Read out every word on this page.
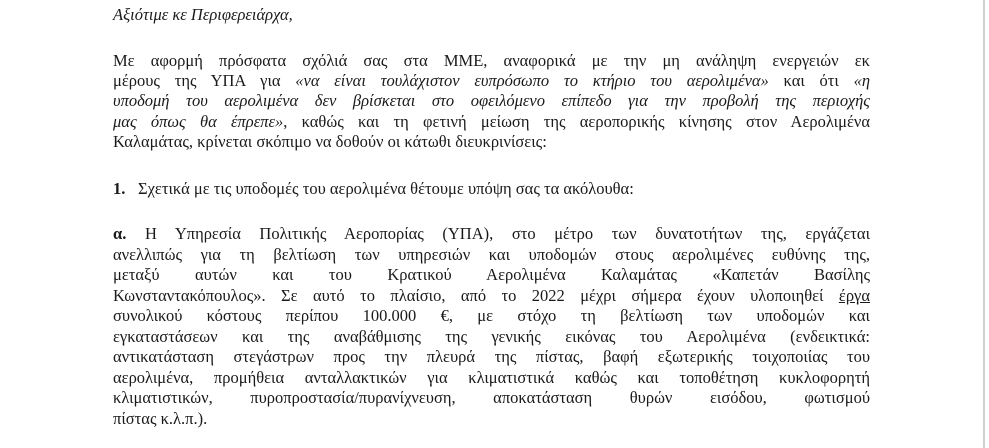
Αξιότιμε κε Περιφερειάρχα,
Με αφορμή πρόσφατα σχόλιά σας στα ΜΜΕ, αναφορικά με την μη ανάληψη ενεργειών εκ
μέρους της ΥΠΑ για «να είναι τουλάχιστον ευπρόσωπο το κτήριο του αερολιμένα» και ότι «η
υποδομή του αερολιμένα δεν βρίσκεται στο οφειλόμενο επίπεδο για την προβολή της περιοχής
μας όπως θα έπρεπε», καθώς και τη φετινή μείωση της αεροπορικής κίνησης στον Αερολιμένα
Καλαμάτας, κρίνεται σκόπιμο να δοθούν οι κάτωθι διευκρινίσεις:
1. Σχετικά με τις υποδομές του αερολιμένα θέτουμε υπόψη σας τα ακόλουθα:
α. Η Υπηρεσία Πολιτικής Αεροπορίας (ΥΠΑ), στο μέτρο των δυνατοτήτων της, εργάζεται
ανελλιπώς για τη βελτίωση των υπηρεσιών και υποδομών στους αερολιμένες ευθύνης της,
μεταξύ αυτών και του Κρατικού Αερολιμένα Καλαμάτας «Καπετάν Βασίλης
Κωνσταντακόπουλος». Σε αυτό το πλαίσιο, από το 2022 μέχρι σήμερα έχουν υλοποιηθεί έργα
συνολικού κόστους περίπου 100.000 €, με στόχο τη βελτίωση των υποδομών και
εγκαταστάσεων και της αναβάθμισης της γενικής εικόνας του Αερολιμένα (ενδεικτικά:
αντικατάσταση στεγάστρων προς την πλευρά της πίστας, βαφή εξωτερικής τοιχοποιίας του
αερολιμένα, προμήθεια ανταλλακτικών για κλιματιστικά καθώς και τοποθέτηση κυκλοφορητή
κλιματιστικών, πυροπροστασία/πυρανίχνευση, αποκατάσταση θυρών εισόδου, φωτισμού
πίστας κ.λ.π.).
